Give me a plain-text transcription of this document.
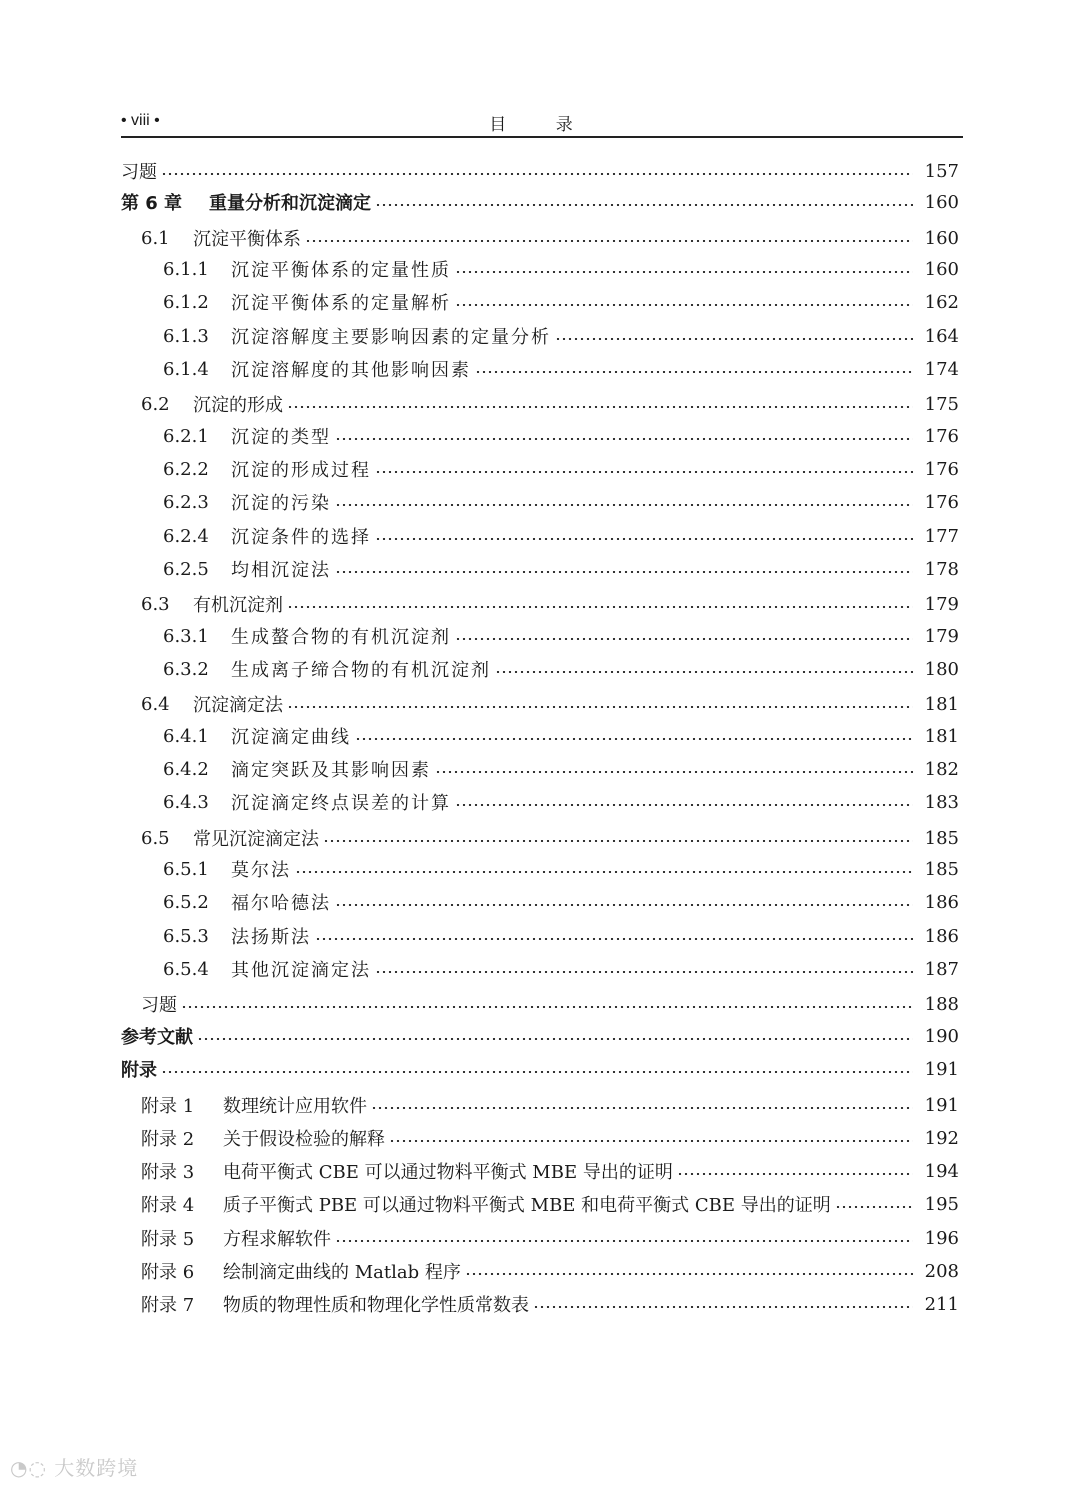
• viii •	目 录
习题	157
第 6 章	重量分析和沉淀滴定	160
6.1	沉淀平衡体系	160
6.1.1	沉淀平衡体系的定量性质	160
6.1.2	沉淀平衡体系的定量解析	162
6.1.3	沉淀溶解度主要影响因素的定量分析	164
6.1.4	沉淀溶解度的其他影响因素	174
6.2	沉淀的形成	175
6.2.1	沉淀的类型	176
6.2.2	沉淀的形成过程	176
6.2.3	沉淀的污染	176
6.2.4	沉淀条件的选择	177
6.2.5	均相沉淀法	178
6.3	有机沉淀剂	179
6.3.1	生成螯合物的有机沉淀剂	179
6.3.2	生成离子缔合物的有机沉淀剂	180
6.4	沉淀滴定法	181
6.4.1	沉淀滴定曲线	181
6.4.2	滴定突跃及其影响因素	182
6.4.3	沉淀滴定终点误差的计算	183
6.5	常见沉淀滴定法	185
6.5.1	莫尔法	185
6.5.2	福尔哈德法	186
6.5.3	法扬斯法	186
6.5.4	其他沉淀滴定法	187
习题	188
参考文献	190
附录	191
附录 1	数理统计应用软件	191
附录 2	关于假设检验的解释	192
附录 3	电荷平衡式 CBE 可以通过物料平衡式 MBE 导出的证明	194
附录 4	质子平衡式 PBE 可以通过物料平衡式 MBE 和电荷平衡式 CBE 导出的证明	195
附录 5	方程求解软件	196
附录 6	绘制滴定曲线的 Matlab 程序	208
附录 7	物质的物理性质和物理化学性质常数表	211
◔◌ 大数跨境
